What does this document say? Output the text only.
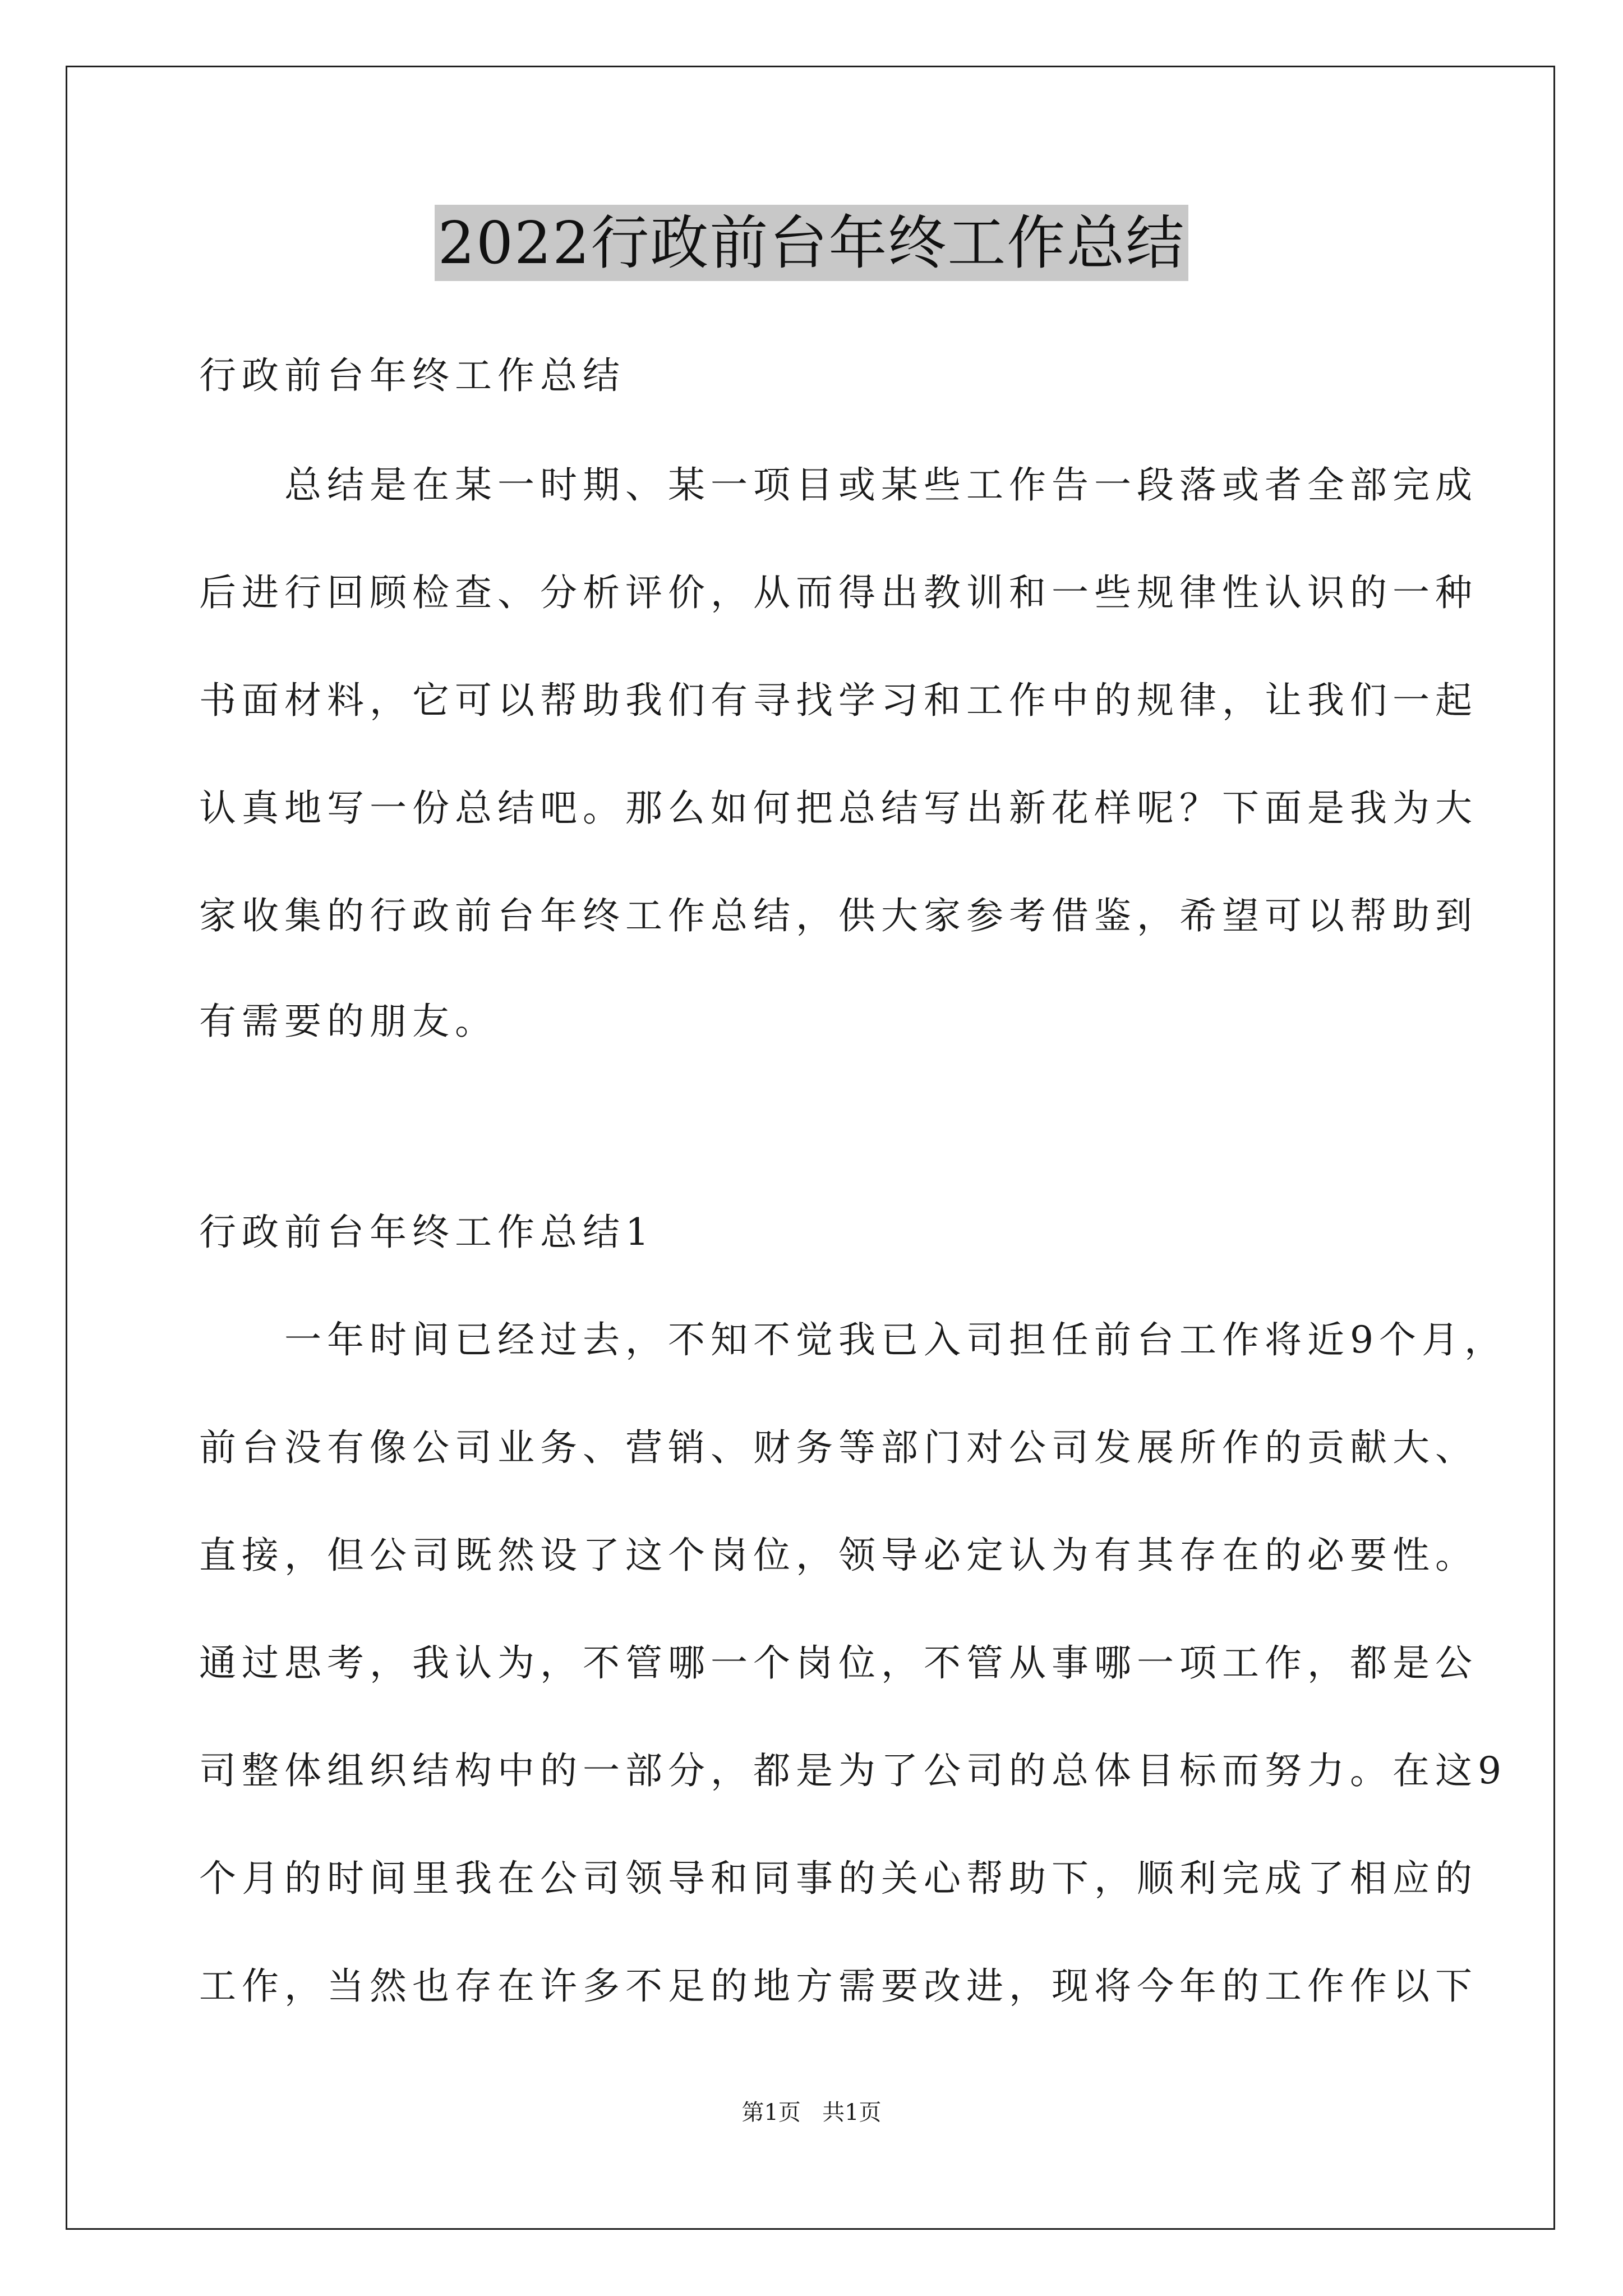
2022行政前台年终工作总结
行政前台年终工作总结
　　总结是在某一时期、某一项目或某些工作告一段落或者全部完成
后进行回顾检查、分析评价，从而得出教训和一些规律性认识的一种
书面材料，它可以帮助我们有寻找学习和工作中的规律，让我们一起
认真地写一份总结吧。那么如何把总结写出新花样呢？下面是我为大
家收集的行政前台年终工作总结，供大家参考借鉴，希望可以帮助到
有需要的朋友。
行政前台年终工作总结1
　　一年时间已经过去，不知不觉我已入司担任前台工作将近9个月，
前台没有像公司业务、营销、财务等部门对公司发展所作的贡献大、
直接，但公司既然设了这个岗位，领导必定认为有其存在的必要性。
通过思考，我认为，不管哪一个岗位，不管从事哪一项工作，都是公
司整体组织结构中的一部分，都是为了公司的总体目标而努力。在这9
个月的时间里我在公司领导和同事的关心帮助下，顺利完成了相应的
工作，当然也存在许多不足的地方需要改进，现将今年的工作作以下
第1页 共1页
